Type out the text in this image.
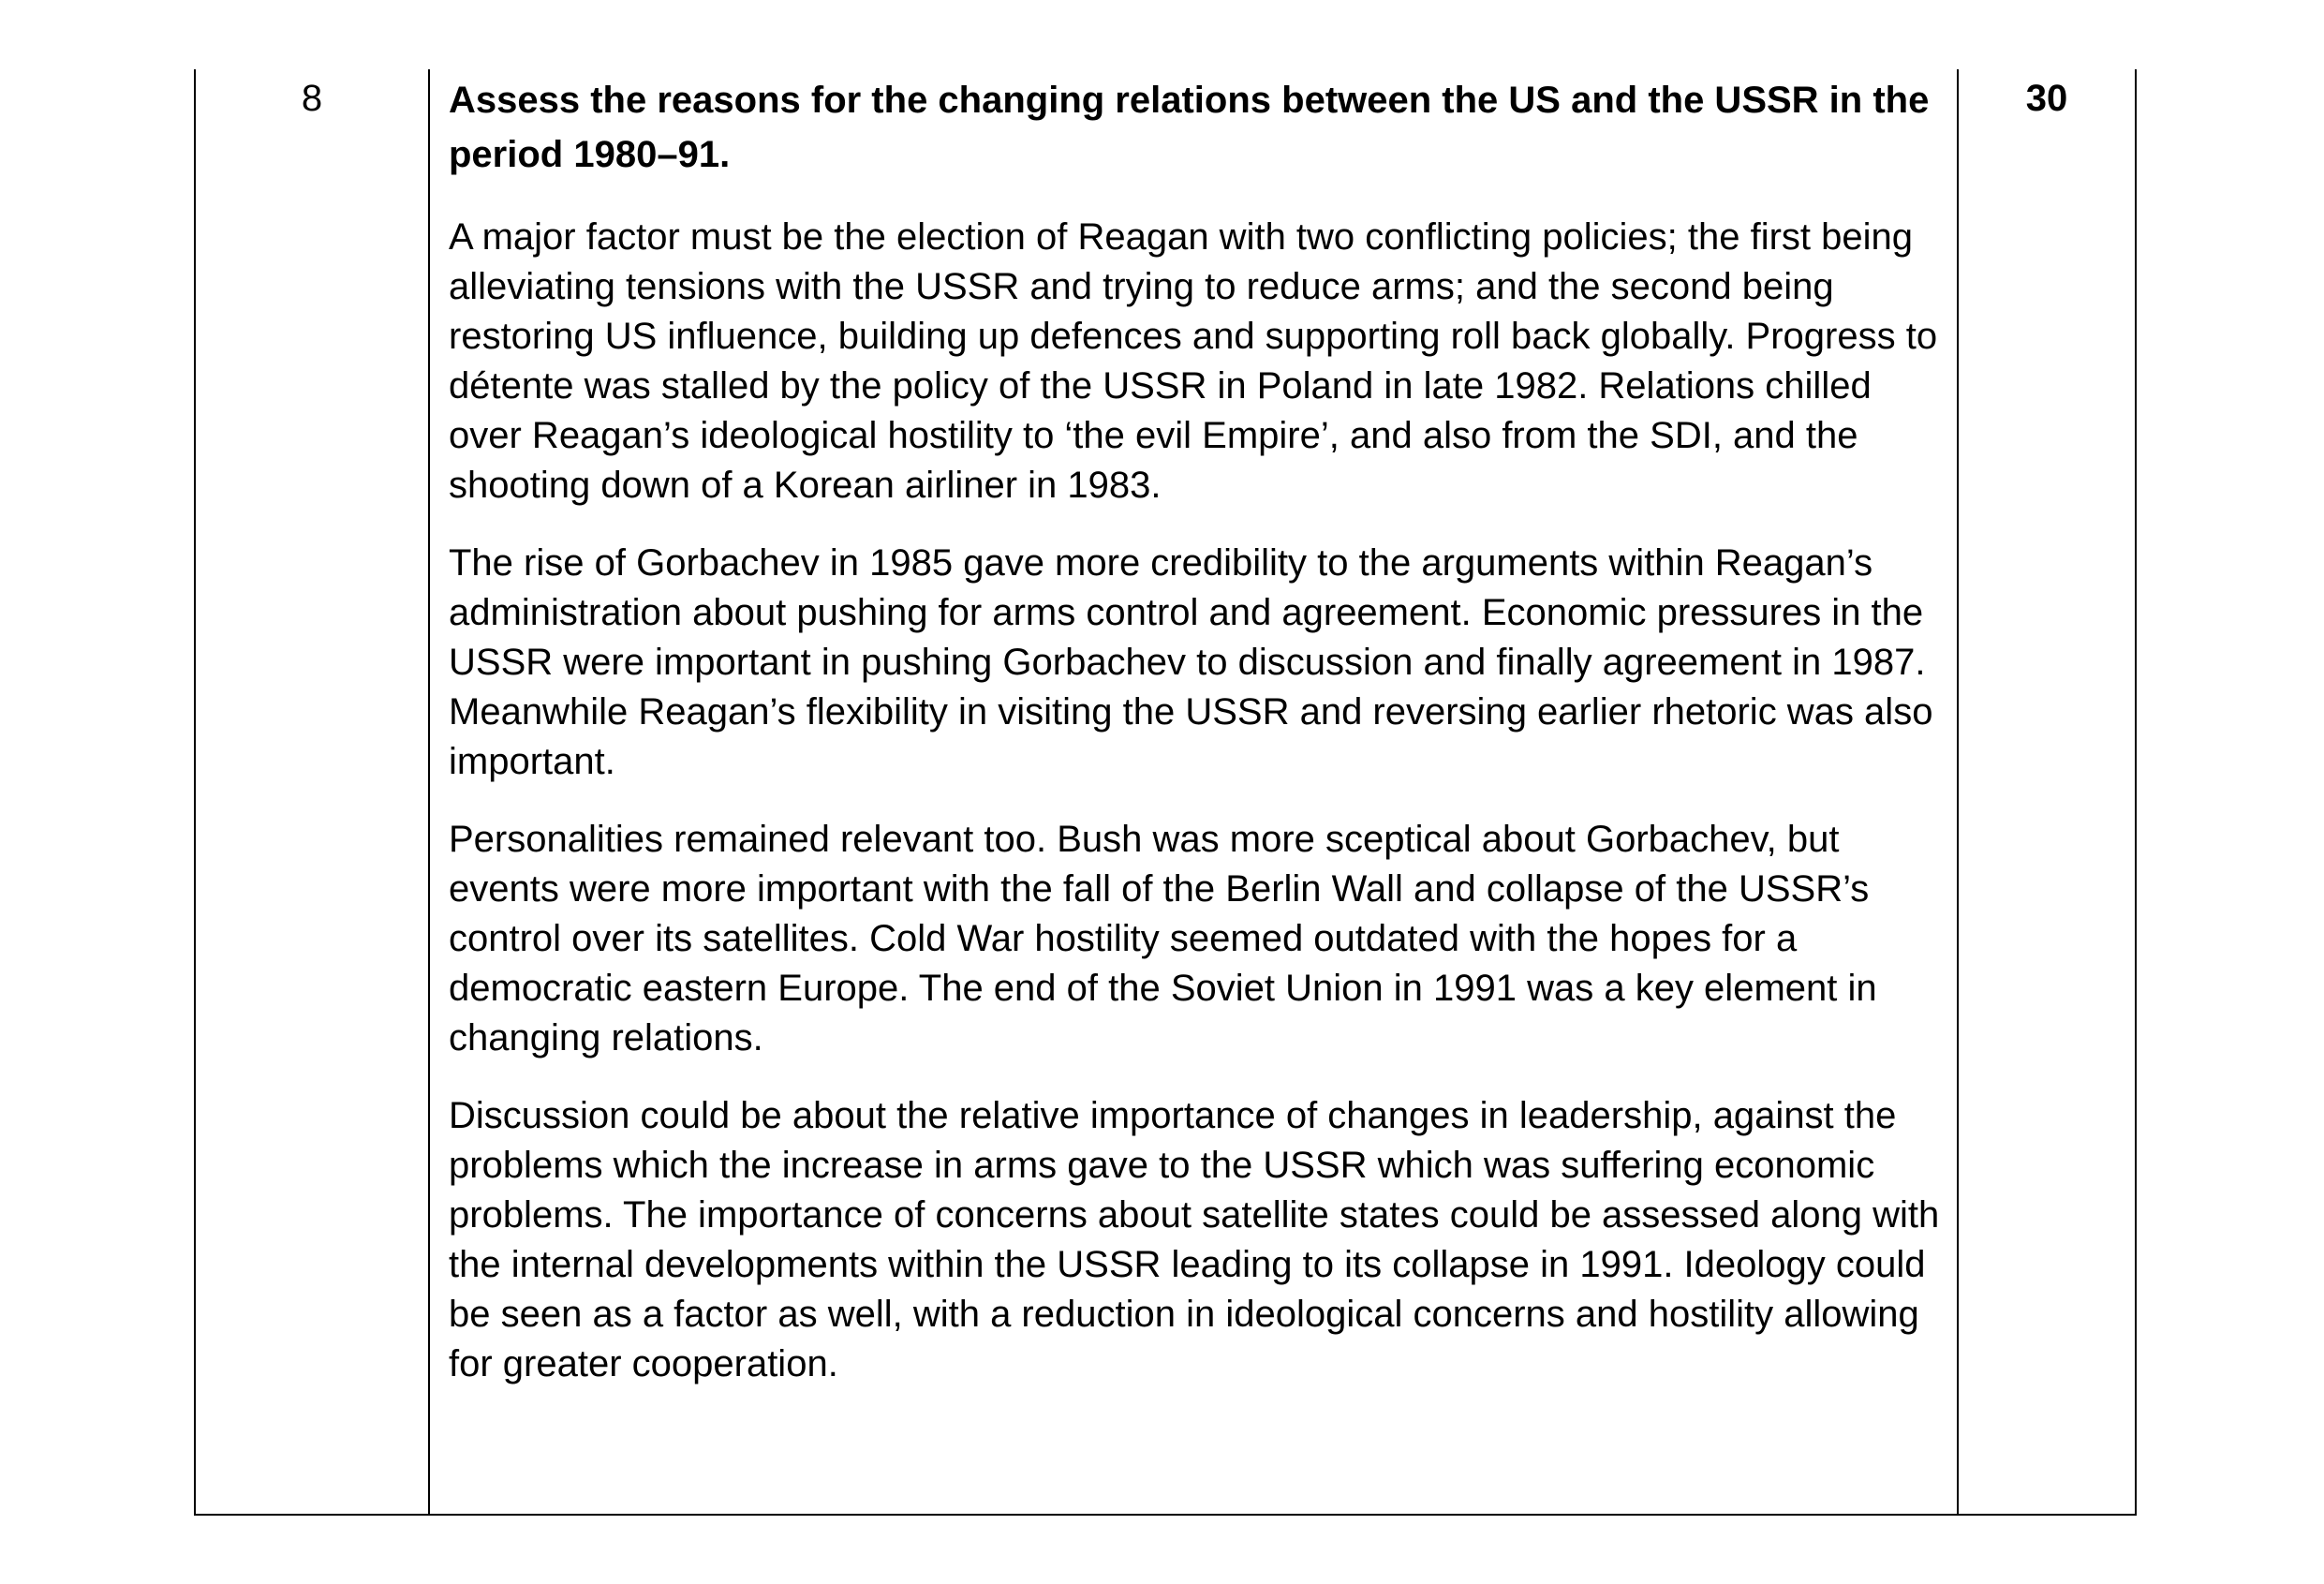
8	Assess the reasons for the changing relations between the US and the USSR in the period 1980–91.

A major factor must be the election of Reagan with two conflicting policies; the first being alleviating tensions with the USSR and trying to reduce arms; and the second being restoring US influence, building up defences and supporting roll back globally. Progress to détente was stalled by the policy of the USSR in Poland in late 1982. Relations chilled over Reagan’s ideological hostility to ‘the evil Empire’, and also from the SDI, and the shooting down of a Korean airliner in 1983.

The rise of Gorbachev in 1985 gave more credibility to the arguments within Reagan’s administration about pushing for arms control and agreement. Economic pressures in the USSR were important in pushing Gorbachev to discussion and finally agreement in 1987. Meanwhile Reagan’s flexibility in visiting the USSR and reversing earlier rhetoric was also important.

Personalities remained relevant too. Bush was more sceptical about Gorbachev, but events were more important with the fall of the Berlin Wall and collapse of the USSR’s control over its satellites. Cold War hostility seemed outdated with the hopes for a democratic eastern Europe. The end of the Soviet Union in 1991 was a key element in changing relations.

Discussion could be about the relative importance of changes in leadership, against the problems which the increase in arms gave to the USSR which was suffering economic problems. The importance of concerns about satellite states could be assessed along with the internal developments within the USSR leading to its collapse in 1991. Ideology could be seen as a factor as well, with a reduction in ideological concerns and hostility allowing for greater cooperation.

30
